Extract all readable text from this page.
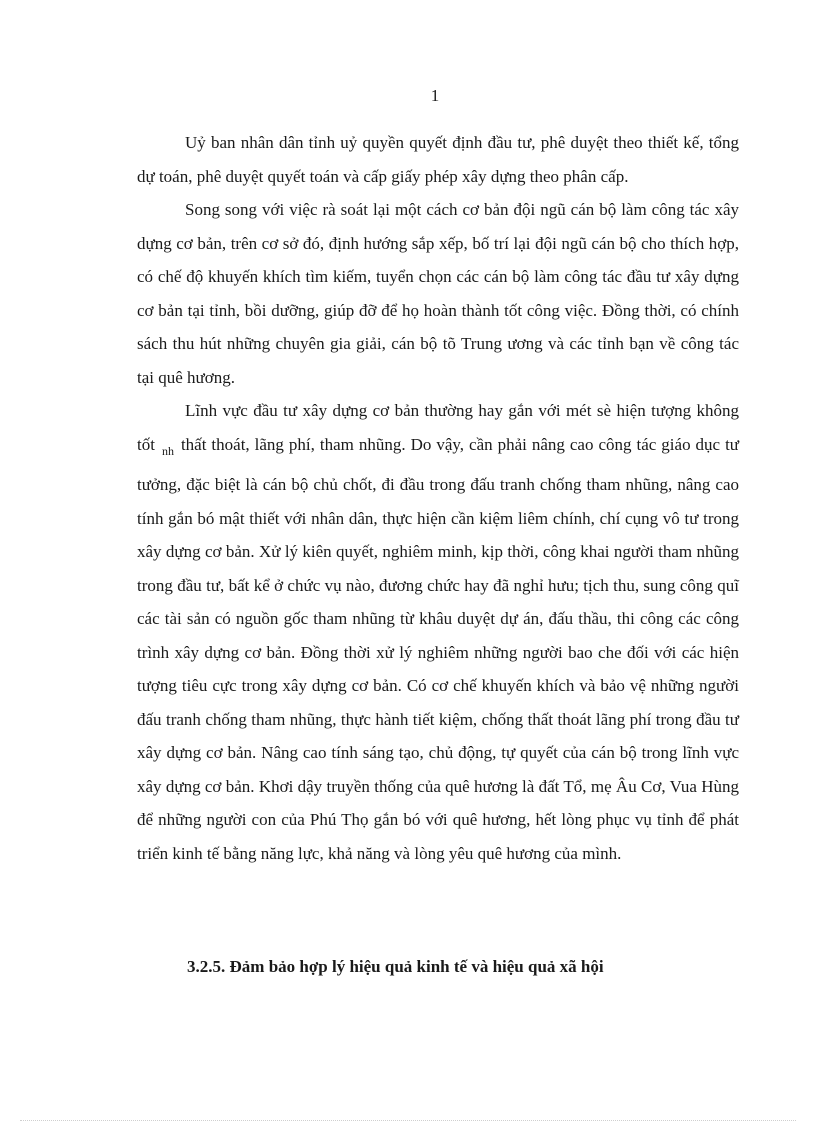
1

Uỷ ban nhân dân tỉnh uỷ quyền quyết định đầu tư, phê duyệt theo thiết kế, tổng dự toán, phê duyệt quyết toán và cấp giấy phép xây dựng theo phân cấp.

Song song với việc rà soát lại một cách cơ bản đội ngũ cán bộ làm công tác xây dựng cơ bản, trên cơ sở đó, định hướng sắp xếp, bố trí lại đội ngũ cán bộ cho thích hợp, có chế độ khuyến khích tìm kiếm, tuyển chọn các cán bộ làm công tác đầu tư xây dựng cơ bản tại tỉnh, bồi dưỡng, giúp đỡ để họ hoàn thành tốt công việc. Đồng thời, có chính sách thu hút những chuyên gia giải, cán bộ tõ Trung ương và các tỉnh bạn về công tác tại quê hương.

Lĩnh vực đầu tư xây dựng cơ bản thường hay gắn với mét sè hiện tượng không tốt $_{nh}$ thất thoát, lãng phí, tham nhũng. Do vậy, cần phải nâng cao công tác giáo dục tư tưởng, đặc biệt là cán bộ chủ chốt, đi đầu trong đấu tranh chống tham nhũng, nâng cao tính gắn bó mật thiết với nhân dân, thực hiện cần kiệm liêm chính, chí cụng vô tư trong xây dựng cơ bản. Xử lý kiên quyết, nghiêm minh, kịp thời, công khai người tham nhũng trong đầu tư, bất kể ở chức vụ nào, đương chức hay đã nghỉ hưu; tịch thu, sung công quĩ các tài sản có nguồn gốc tham nhũng từ khâu duyệt dự án, đấu thầu, thi công các công trình xây dựng cơ bản. Đồng thời xử lý nghiêm những người bao che đối với các hiện tượng tiêu cực trong xây dựng cơ bản. Có cơ chế khuyến khích và bảo vệ những người đấu tranh chống tham nhũng, thực hành tiết kiệm, chống thất thoát lãng phí trong đầu tư xây dựng cơ bản. Nâng cao tính sáng tạo, chủ động, tự quyết của cán bộ trong lĩnh vực xây dựng cơ bản. Khơi dậy truyền thống của quê hương là đất Tổ, mẹ Âu Cơ, Vua Hùng để những người con của Phú Thọ gắn bó với quê hương, hết lòng phục vụ tỉnh để phát triển kinh tế bằng năng lực, khả năng và lòng yêu quê hương của mình.

3.2.5. Đảm bảo hợp lý hiệu quả kinh tế và hiệu quả xã hội
